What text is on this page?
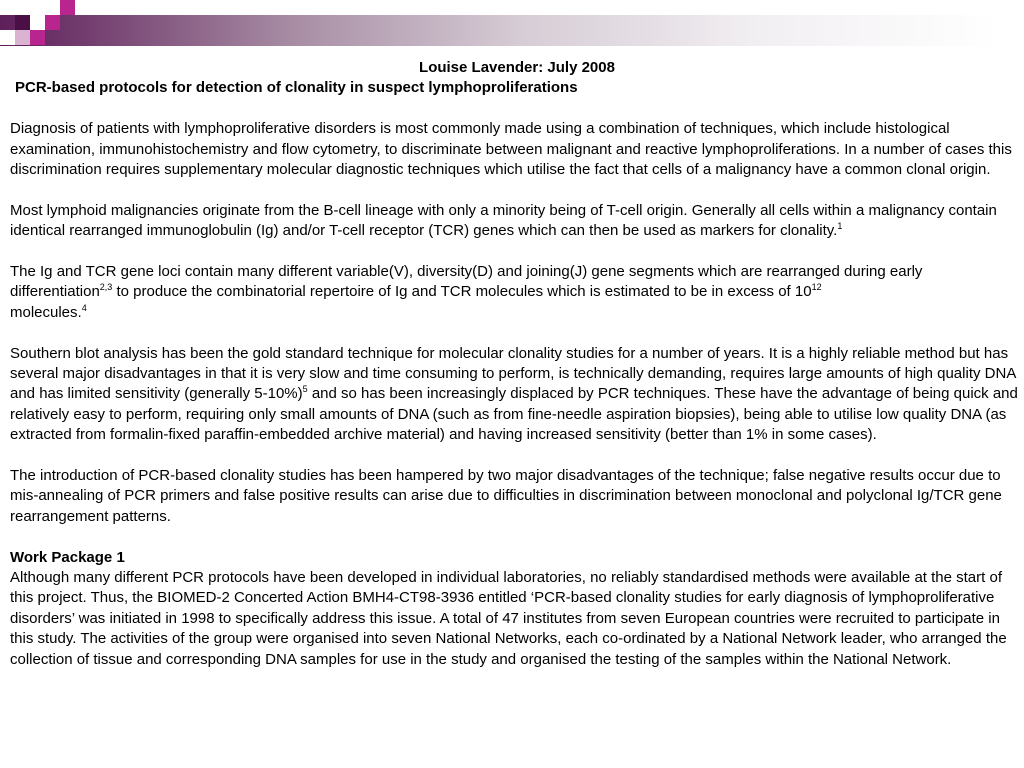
Louise Lavender: July 2008
PCR-based protocols for detection of clonality in suspect lymphoproliferations

Diagnosis of patients with lymphoproliferative disorders is most commonly made using a combination of techniques, which include histological examination, immunohistochemistry and flow cytometry, to discriminate between malignant and reactive lymphoproliferations. In a number of cases this discrimination requires supplementary molecular diagnostic techniques which utilise the fact that cells of a malignancy have a common clonal origin.

Most lymphoid malignancies originate from the B-cell lineage with only a minority being of T-cell origin. Generally all cells within a malignancy contain identical rearranged immunoglobulin (Ig) and/or T-cell receptor (TCR) genes which can then be used as markers for clonality.$^1$

The Ig and TCR gene loci contain many different variable(V), diversity(D) and joining(J) gene segments which are rearranged during early differentiation$^{2,3}$ to produce the combinatorial repertoire of Ig and TCR molecules which is estimated to be in excess of $10^{12}$
molecules.$^4$

Southern blot analysis has been the gold standard technique for molecular clonality studies for a number of years. It is a highly reliable method but has several major disadvantages in that it is very slow and time consuming to perform, is technically demanding, requires large amounts of high quality DNA and has limited sensitivity (generally 5-10%)$^5$ and so has been increasingly displaced by PCR techniques. These have the advantage of being quick and relatively easy to perform, requiring only small amounts of DNA (such as from fine-needle aspiration biopsies), being able to utilise low quality DNA (as extracted from formalin-fixed paraffin-embedded archive material) and having increased sensitivity (better than 1% in some cases).

The introduction of PCR-based clonality studies has been hampered by two major disadvantages of the technique; false negative results occur due to mis-annealing of PCR primers and false positive results can arise due to difficulties in discrimination between monoclonal and polyclonal Ig/TCR gene rearrangement patterns.

Work Package 1

Although many different PCR protocols have been developed in individual laboratories, no reliably standardised methods were available at the start of this project. Thus, the BIOMED-2 Concerted Action BMH4-CT98-3936 entitled ‘PCR-based clonality studies for early diagnosis of lymphoproliferative disorders’ was initiated in 1998 to specifically address this issue. A total of 47 institutes from seven European countries were recruited to participate in this study. The activities of the group were organised into seven National Networks, each co-ordinated by a National Network leader, who arranged the collection of tissue and corresponding DNA samples for use in the study and organised the testing of the samples within the National Network.
